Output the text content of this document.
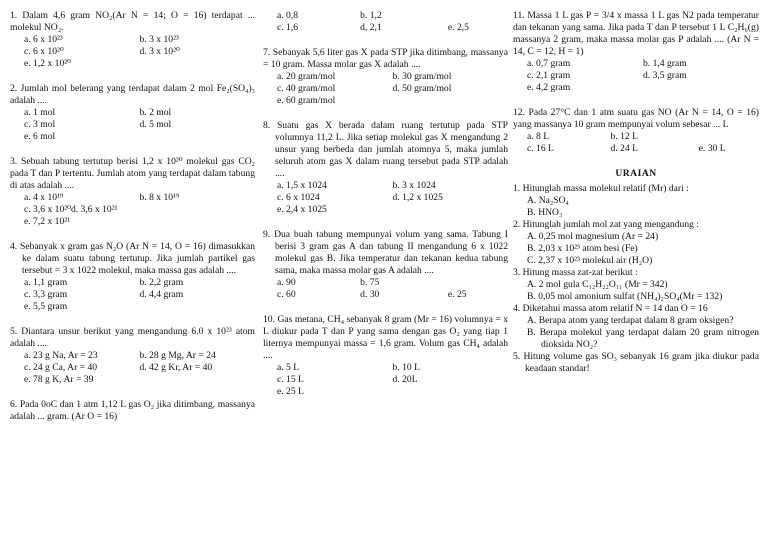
1. Dalam 4,6 gram NO₂(Ar N = 14; O = 16) terdapat ... molekul NO₂.
a. 6 x 10²³	b. 3 x 10²³
c. 6 x 10²⁰	d. 3 x 10²⁰
e. 1,2 x 10²⁰
2. Jumlah mol belerang yang terdapat dalam 2 mol Fe₂(SO₄)₃ adalah ....
a. 1 mol	b. 2 mol
c. 3 mol	d. 5 mol
e. 6 mol
3. Sebuah tabung tertutup berisi 1,2 x 10²⁰ molekul gas CO₂ pada T dan P tertentu. Jumlah atom yang terdapat dalam tabung di atas adalah ....
a. 4 x 10¹⁹	b. 8 x 10¹⁹
c. 3,6 x 10²⁰d. 3,6 x 10²¹
e. 7,2 x 10²¹
4. Sebanyak x gram gas N₂O (Ar N = 14, O = 16) dimasukkan ke dalam suatu tabung tertutup. Jika jumlah partikel gas tersebut = 3 x 1022 molekul, maka massa gas adalah ....
a. 1,1 gram	b. 2,2 gram
c. 3,3 gram	d. 4,4 gram
e. 5,5 gram
5. Diantara unsur berikut yang mengandung 6.0 x 10²³ atom adalah ....
a. 23 g Na, Ar = 23	b. 28 g Mg, Ar = 24
c. 24 g Ca, Ar = 40	d. 42 g Kr, Ar = 40
e. 78 g K, Ar = 39
6. Pada 0oC dan 1 atm 1,12 L gas O₂ jika ditimbang, massanya adalah ... gram. (Ar O = 16)
a. 0,8	b. 1,2
c. 1,6	d, 2,1	e. 2,5
7. Sebanyak 5,6 liter gas X pada STP jika ditimbang, massanya = 10 gram. Massa molar gas X adalah ....
a. 20 gram/mol	b. 30 gram/mol
c. 40 gram/mol	d. 50 gram/mol
e. 60 gram/mol
8. Suatu gas X berada dalam ruang tertutup pada STP volumnya 11,2 L. Jika setiap molekul gas X mengandung 2 unsur yang berbeda dan jumlah atomnya 5, maka jumlah seluruh atom gas X dalam ruang tersebut pada STP adalah ....
a. 1,5 x 1024	b. 3 x 1024
c. 6 x 1024	d. 1,2 x 1025
e. 2,4 x 1025
9. Dua buah tabung mempunyai volum yang sama. Tabung I berisi 3 gram gas A dan tabung II mengandung 6 x 1022 molekul gas B. Jika temperatur dan tekanan kedua tabung sama, maka massa molar gas A adalah ....
a. 90	b. 75
c. 60	d. 30	e. 25
10. Gas metana, CH₄ sebanyak 8 gram (Mr = 16) volumnya = x L diukur pada T dan P yang sama dengan gas O₂ yang tiap 1 liternya mempunyai massa = 1,6 gram. Volum gas CH₄ adalah ....
a. 5 L	b. 10 L
c. 15 L	d. 20L
e. 25 L
11. Massa 1 L gas P = 3/4 x massa 1 L gas N2 pada temperatur dan tekanan yang sama. Jika pada T dan P tersebut 1 L C₂H₆(g) massanya 2 gram, maka massa molar gas P adalah .... (Ar N = 14, C = 12, H = 1)
a. 0,7 gram	b. 1,4 gram
c. 2,1 gram	d. 3,5 gram
e. 4,2 gram
12. Pada 27°C dan 1 atm suatu gas NO (Ar N = 14, O = 16) yang massanya 10 gram mempunyai volum sebesar ... L
a. 8 L	b. 12 L
c. 16 L	d. 24 L	e. 30 L
URAIAN
1. Hitunglah massa molekul relatif (Mr) dari :
A. Na₂SO₄
B. HNO₃
2. Hitunglah jumlah mol zat yang mengandung :
A. 0,25 mol magnesium (Ar = 24)
B. 2,03 x 10²³ atom besi (Fe)
C. 2,37 x 10²³ molekul air (H₂O)
3. Hitung massa zat-zat berikut :
A. 2 mol gula C₁₂H₂₂O₁₁ (Mr = 342)
B. 0,05 mol amonium sulfat (NH₄)₂SO₄(Mr = 132)
4. Diketahui massa atom relatif N = 14 dan O = 16
A. Berapa atom yang terdapat dalam 8 gram oksigen?
B. Berapa molekul yang terdapat dalam 20 gram nitrogen dioksida NO₂?
5. Hitung volume gas SO₃ sebanyak 16 gram jika diukur pada keadaan standar!
